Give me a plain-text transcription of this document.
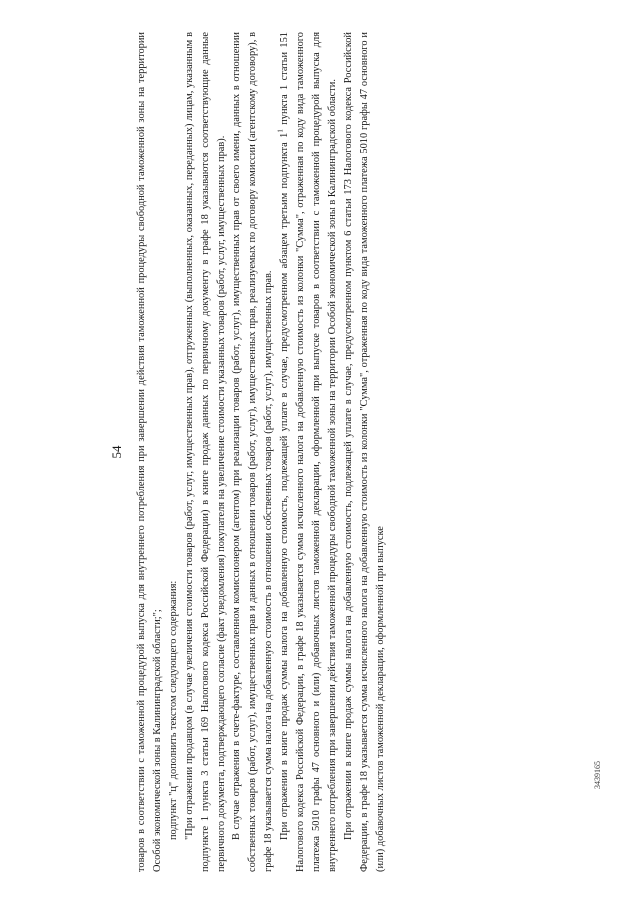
54	товаров в соответствии с таможенной процедурой выпуска для внутреннего потребления при завершении действия таможенной процедуры свободной таможенной зоны на территории Особой экономической зоны в Калининградской области;"; подпункт "ц" дополнить текстом следующего содержания: "При отражении продавцом (в случае увеличения стоимости товаров (работ, услуг, имущественных прав), отгруженных (выполненных, оказанных, переданных) лицам, указанным в подпункте 1 пункта 3 статьи 169 Налогового кодекса Российской Федерации) в книге продаж данных по первичному документу в графе 18 указываются соответствующие данные первичного документа, подтверждающего согласие (факт уведомления) покупателя на увеличение стоимости указанных товаров (работ, услуг, имущественных прав). В случае отражения в счете-фактуре, составленном комиссионером (агентом) при реализации товаров (работ, услуг), имущественных прав от своего имени, данных в отношении собственных товаров (работ, услуг), имущественных прав и данных в отношении товаров (работ, услуг), имущественных прав, реализуемых по договору комиссии (агентскому договору), в графе 18 указывается сумма налога на добавленную стоимость в отношении собственных товаров (работ, услуг), имущественных прав. При отражении в книге продаж суммы налога на добавленную стоимость, подлежащей уплате в случае, предусмотренном абзацем третьим подпункта $1^1$ пункта 1 статьи 151 Налогового кодекса Российской Федерации, в графе 18 указывается сумма исчисленного налога на добавленную стоимость из колонки "Сумма", отраженная по коду вида таможенного платежа 5010 графы 47 основного и (или) добавочных листов таможенной декларации, оформленной при выпуске товаров в соответствии с таможенной процедурой выпуска для внутреннего потребления при завершении действия таможенной процедуры свободной таможенной зоны на территории Особой экономической зоны в Калининградской области. При отражении в книге продаж суммы налога на добавленную стоимость, подлежащей уплате в случае, предусмотренном пунктом 6 статьи 173 Налогового кодекса Российской Федерации, в графе 18 указывается сумма исчисленного налога на добавленную стоимость из колонки "Сумма", отраженная по коду вида таможенного платежа 5010 графы 47 основного и (или) добавочных листов таможенной декларации, оформленной при выпуске	3439165
